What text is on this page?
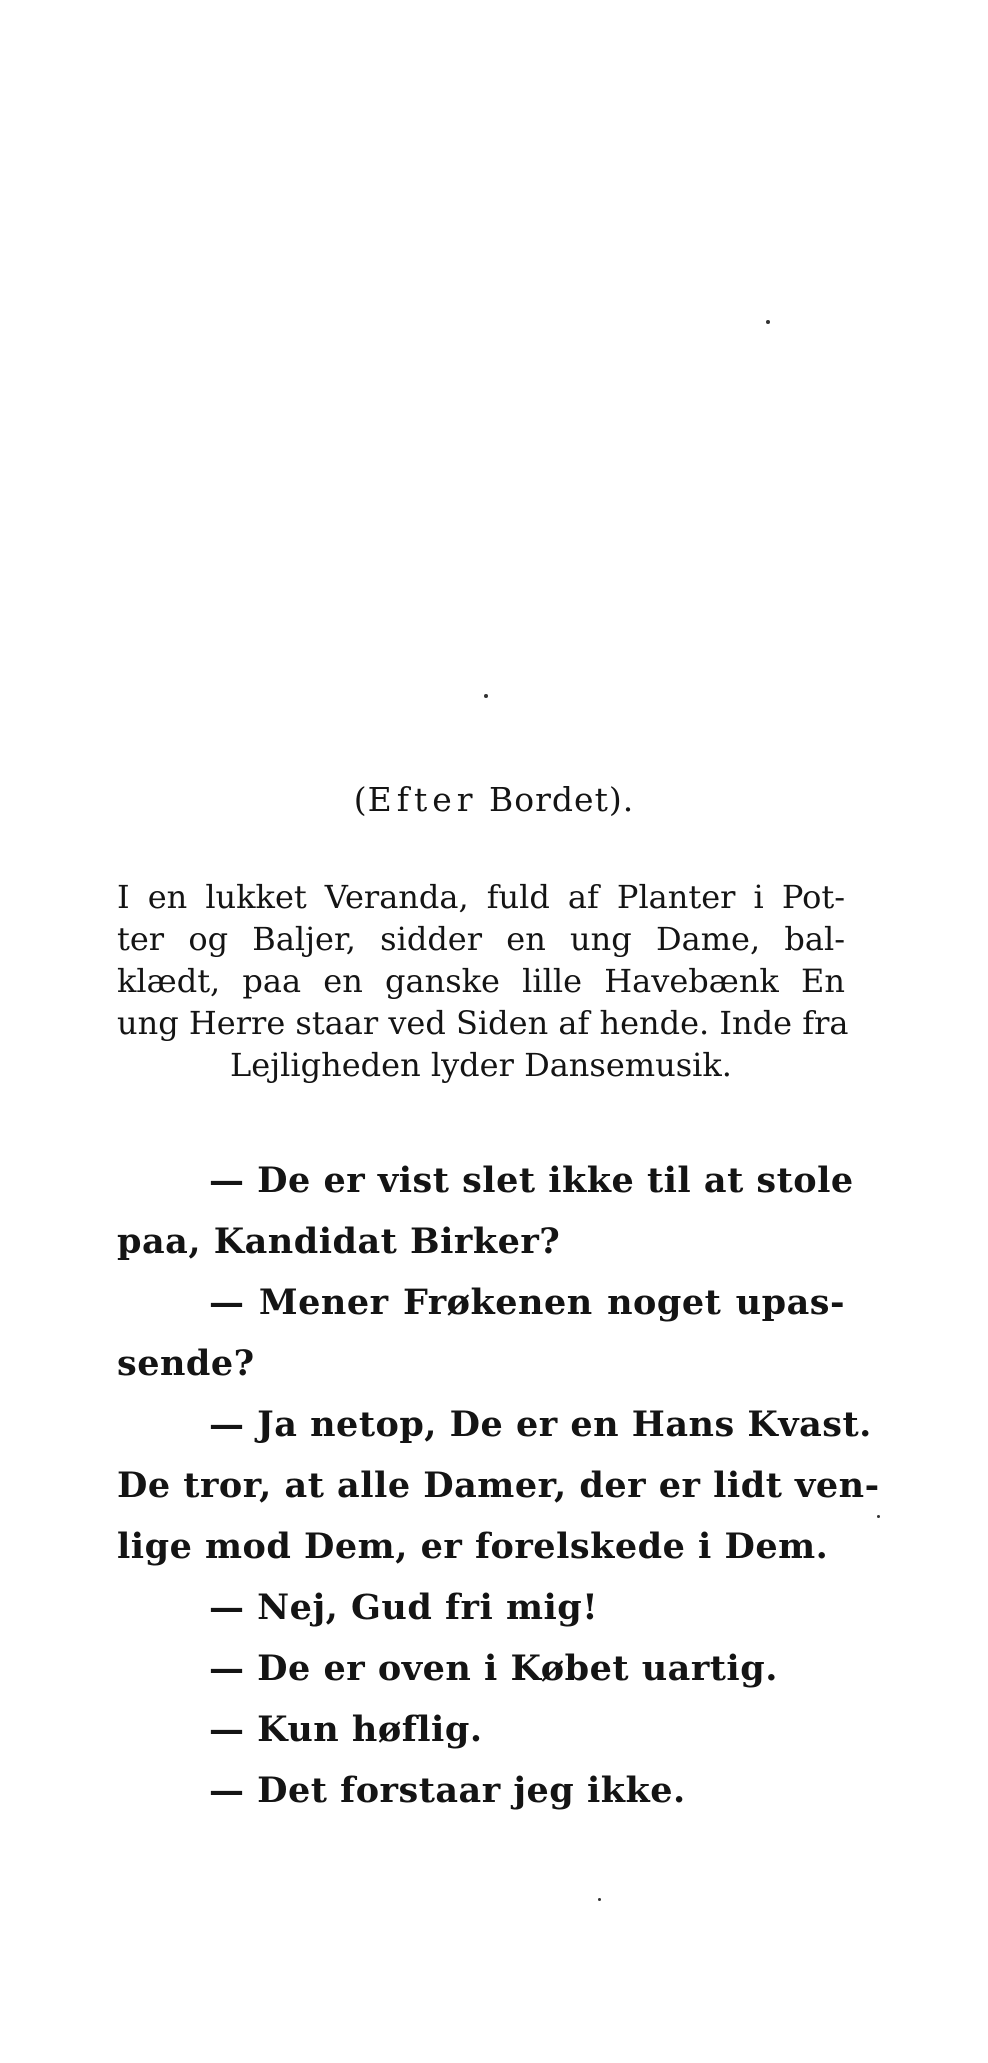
(Efter Bordet).
I en lukket Veranda, fuld af Planter i Pot-
ter og Baljer, sidder en ung Dame, bal-
klædt, paa en ganske lille Havebænk En
ung Herre staar ved Siden af hende. Inde fra
Lejligheden lyder Dansemusik.
— De er vist slet ikke til at stole
paa, Kandidat Birker?
— Mener Frøkenen noget upas-
sende?
— Ja netop, De er en Hans Kvast.
De tror, at alle Damer, der er lidt ven-
lige mod Dem, er forelskede i Dem.
— Nej, Gud fri mig!
— De er oven i Købet uartig.
— Kun høflig.
— Det forstaar jeg ikke.
